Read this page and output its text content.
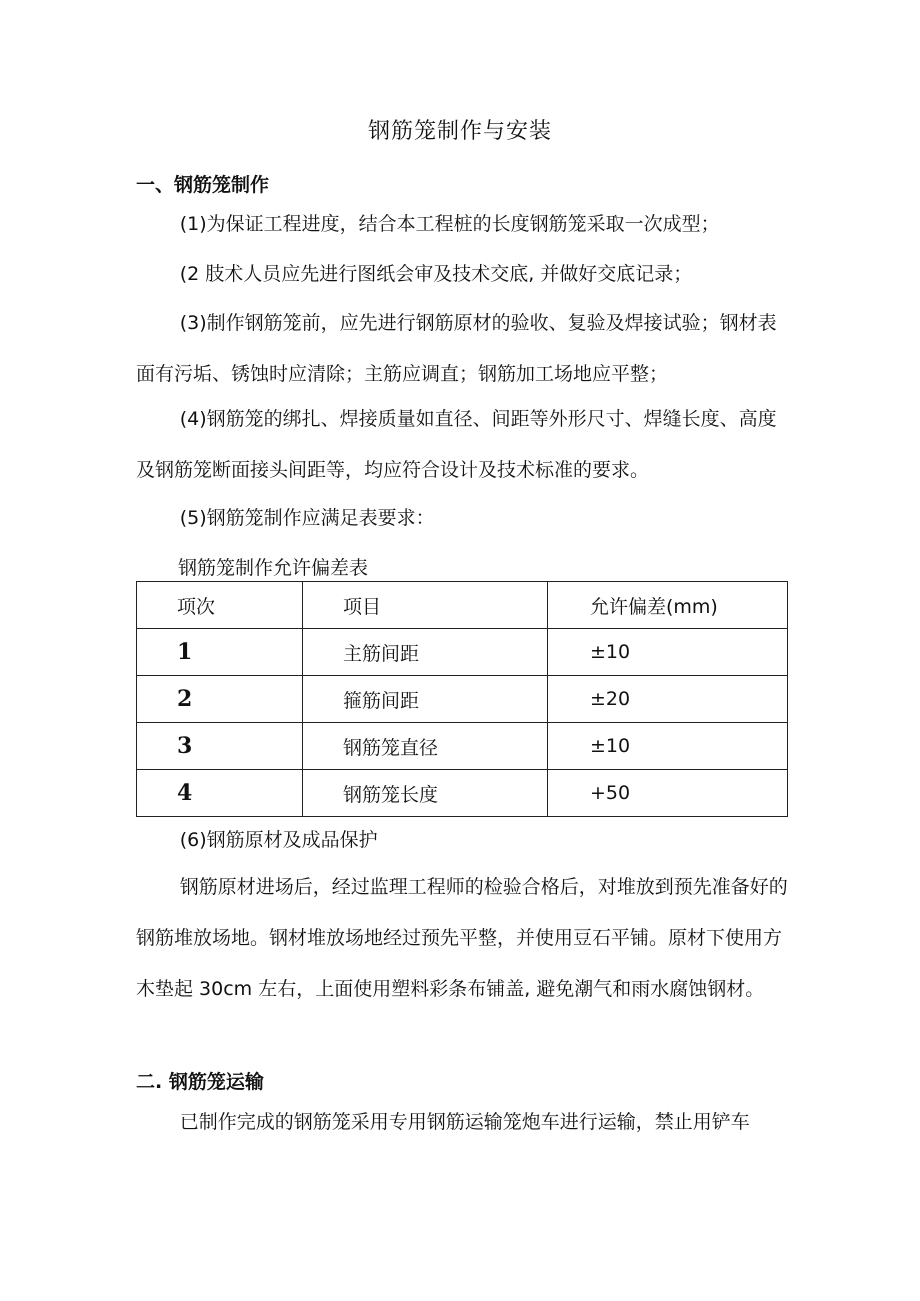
钢筋笼制作与安装
一、钢筋笼制作

(1)为保证工程进度，结合本工程桩的长度钢筋笼采取一次成型；

(2 肢术人员应先进行图纸会审及技术交底, 并做好交底记录；

(3)制作钢筋笼前，应先进行钢筋原材的验收、复验及焊接试验；钢材表面有污垢、锈蚀时应清除；主筋应调直；钢筋加工场地应平整；

(4)钢筋笼的绑扎、焊接质量如直径、间距等外形尺寸、焊缝长度、高度及钢筋笼断面接头间距等，均应符合设计及技术标准的要求。

(5)钢筋笼制作应满足表要求：

钢筋笼制作允许偏差表

项次	项目	允许偏差(mm)
1	主筋间距	±10
2	箍筋间距	±20
3	钢筋笼直径	±10
4	钢筋笼长度	+50

(6)钢筋原材及成品保护

钢筋原材进场后，经过监理工程师的检验合格后，对堆放到预先准备好的钢筋堆放场地。钢材堆放场地经过预先平整，并使用豆石平铺。原材下使用方木垫起 30cm 左右，上面使用塑料彩条布铺盖, 避免潮气和雨水腐蚀钢材。

二. 钢筋笼运输

已制作完成的钢筋笼采用专用钢筋运输笼炮车进行运输，禁止用铲车
